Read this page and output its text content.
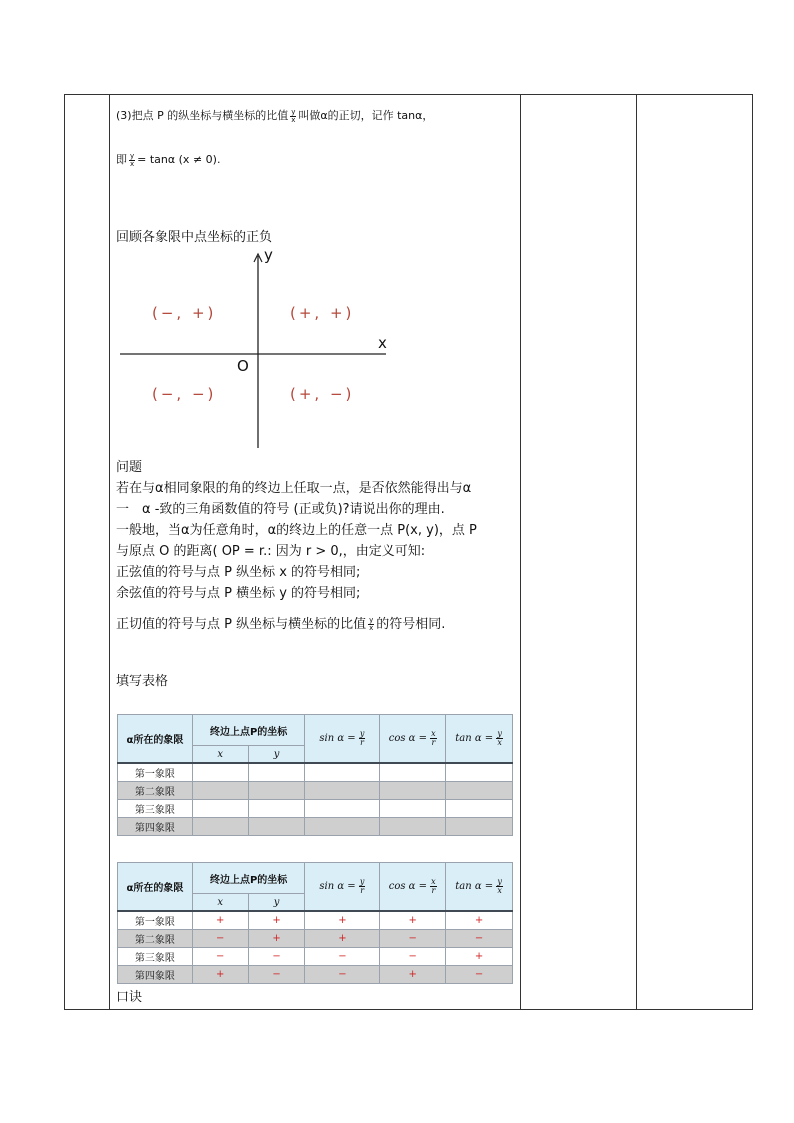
(3)把点 P 的纵坐标与横坐标的比值 $\frac{y}{x}$ 叫做α的正切，记作 tanα，
即 $\frac{y}{x} = \tan\alpha$ (x ≠ 0).
回顾各象限中点坐标的正负
y
x
O
(−, +)	(+, +)
(−, −)	(+, −)
问题
若在与α相同象限的角的终边上任取一点，是否依然能得出与α
一　α -致的三角函数值的符号 (正或负)?请说出你的理由.
一般地，当α为任意角时，α的终边上的任意一点 P(x, y)，点 P
与原点 O 的距离( OP = r.: 因为 r > 0,，由定义可知:
正弦值的符号与点 P 纵坐标 x 的符号相同;
余弦值的符号与点 P 横坐标 y 的符号相同;
正切值的符号与点 P 纵坐标与横坐标的比值 $\frac{y}{x}$ 的符号相同.
填写表格
α所在的象限	终边上点P的坐标		$\sin \alpha = \frac{y}{r}$	$\cos \alpha = \frac{x}{r}$	$\tan \alpha = \frac{y}{x}$

	x	y			
第一象限					
第二象限					
第三象限					
第四象限					
α所在的象限	终边上点P的坐标		$\sin \alpha = \frac{y}{r}$	$\cos \alpha = \frac{x}{r}$	$\tan \alpha = \frac{y}{x}$

	x	y			
第一象限	+	+	+	+	+
第二象限	−	+	+	−	−
第三象限	−	−	−	−	+
第四象限	+	−	−	+	−
口诀
